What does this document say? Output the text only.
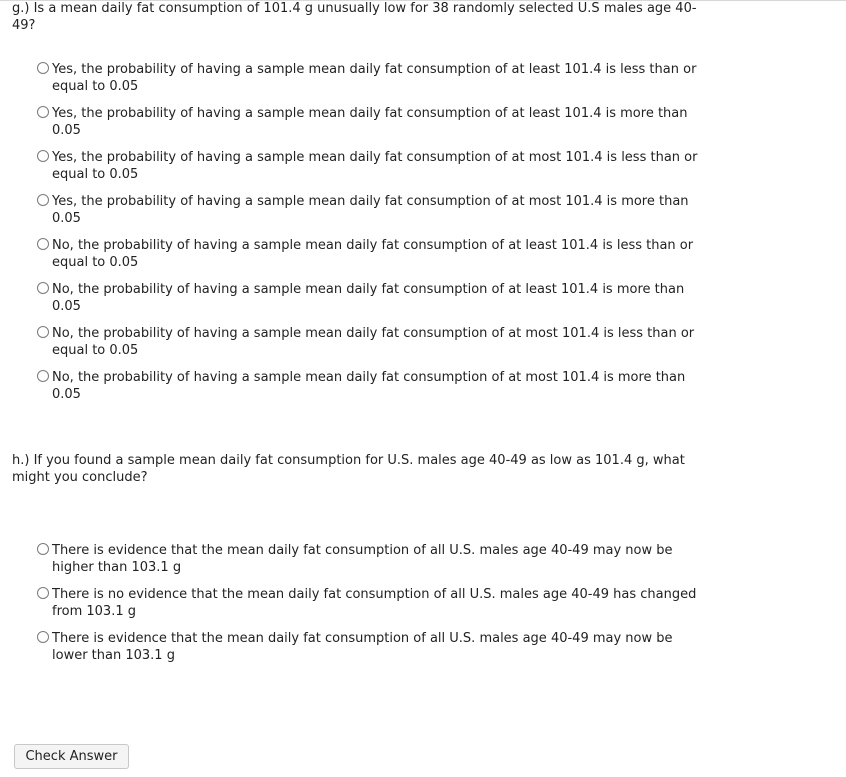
g.) Is a mean daily fat consumption of 101.4 g unusually low for 38 randomly selected U.S males age 40-49?

Yes, the probability of having a sample mean daily fat consumption of at least 101.4 is less than or equal to 0.05
Yes, the probability of having a sample mean daily fat consumption of at least 101.4 is more than 0.05
Yes, the probability of having a sample mean daily fat consumption of at most 101.4 is less than or equal to 0.05
Yes, the probability of having a sample mean daily fat consumption of at most 101.4 is more than 0.05
No, the probability of having a sample mean daily fat consumption of at least 101.4 is less than or equal to 0.05
No, the probability of having a sample mean daily fat consumption of at least 101.4 is more than 0.05
No, the probability of having a sample mean daily fat consumption of at most 101.4 is less than or equal to 0.05
No, the probability of having a sample mean daily fat consumption of at most 101.4 is more than 0.05

h.) If you found a sample mean daily fat consumption for U.S. males age 40-49 as low as 101.4 g, what might you conclude?

There is evidence that the mean daily fat consumption of all U.S. males age 40-49 may now be higher than 103.1 g
There is no evidence that the mean daily fat consumption of all U.S. males age 40-49 has changed from 103.1 g
There is evidence that the mean daily fat consumption of all U.S. males age 40-49 may now be lower than 103.1 g
Check Answer
